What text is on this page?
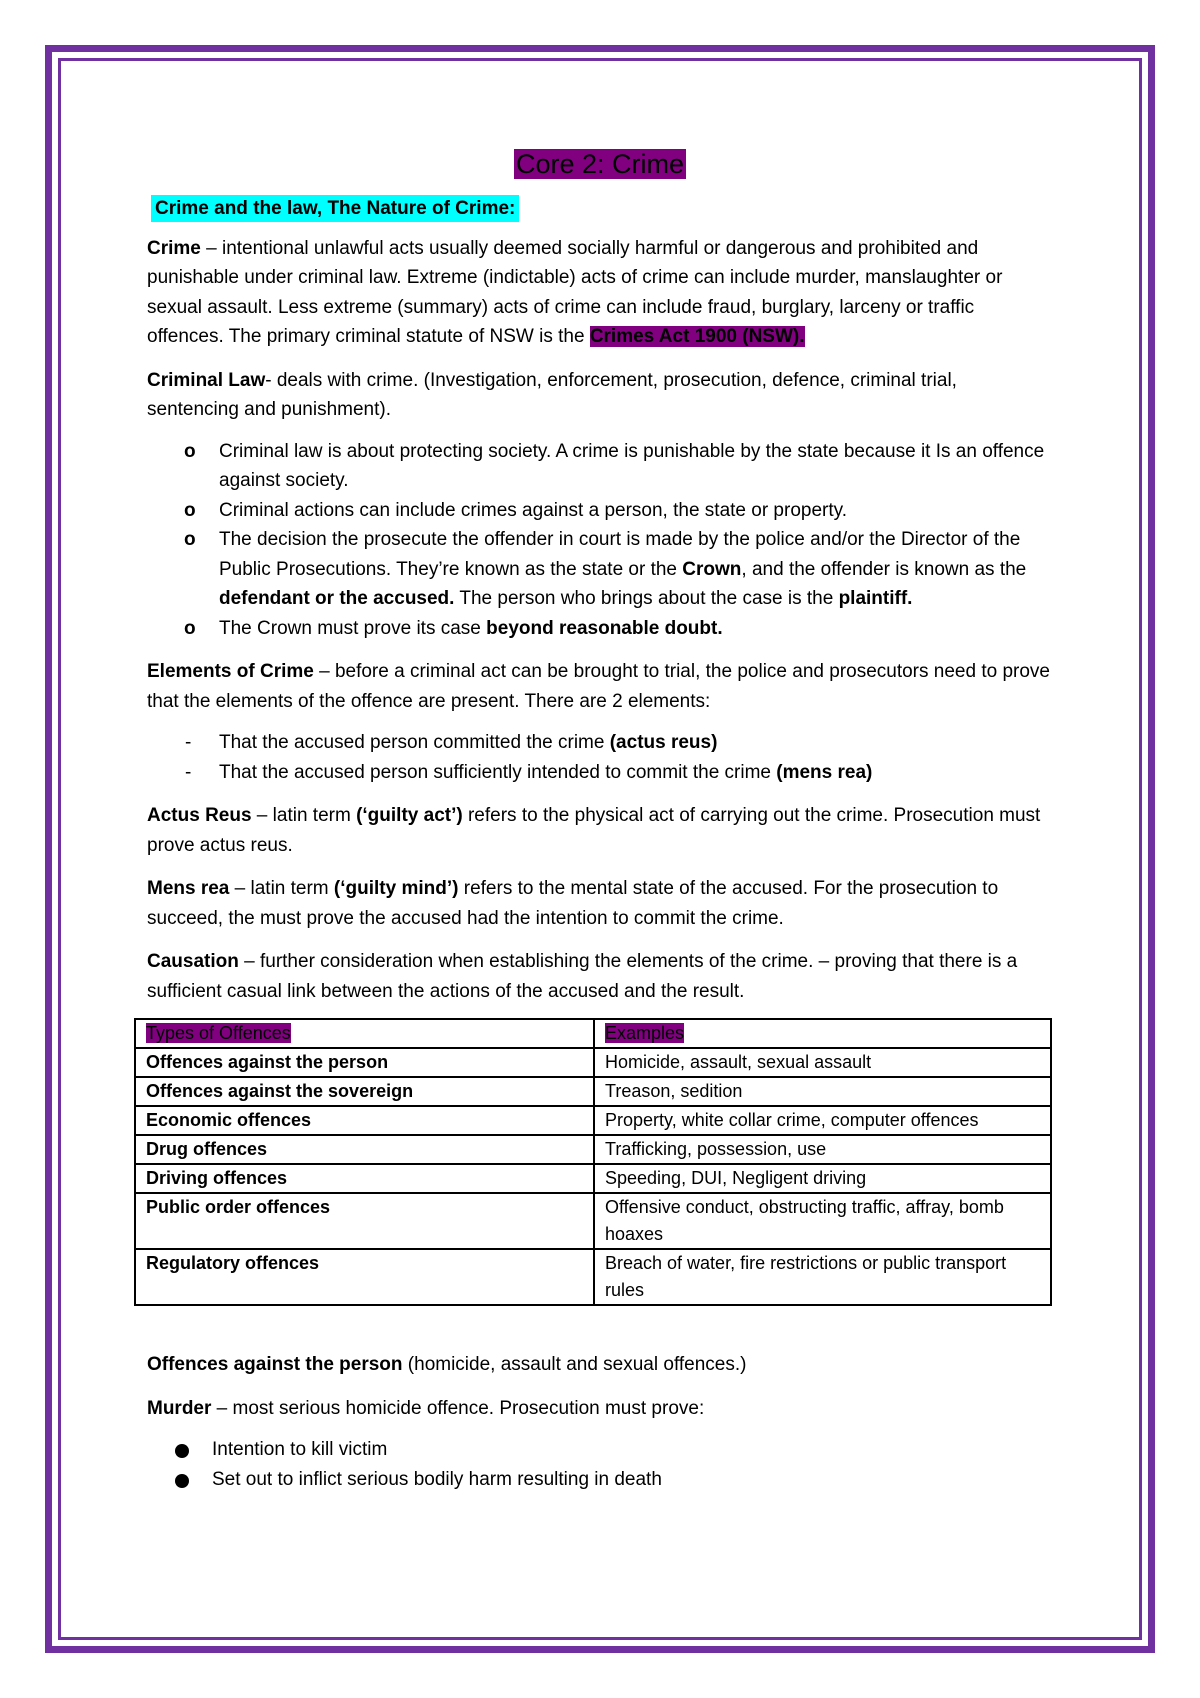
Core 2: Crime
Crime and the law, The Nature of Crime:

Crime – intentional unlawful acts usually deemed socially harmful or dangerous and prohibited and punishable under criminal law. Extreme (indictable) acts of crime can include murder, manslaughter or sexual assault. Less extreme (summary) acts of crime can include fraud, burglary, larceny or traffic offences. The primary criminal statute of NSW is the Crimes Act 1900 (NSW).

Criminal Law- deals with crime. (Investigation, enforcement, prosecution, defence, criminal trial, sentencing and punishment).

o Criminal law is about protecting society. A crime is punishable by the state because it Is an offence against society.
o Criminal actions can include crimes against a person, the state or property.
o The decision the prosecute the offender in court is made by the police and/or the Director of the Public Prosecutions. They’re known as the state or the Crown, and the offender is known as the defendant or the accused. The person who brings about the case is the plaintiff.
o The Crown must prove its case beyond reasonable doubt.

Elements of Crime – before a criminal act can be brought to trial, the police and prosecutors need to prove that the elements of the offence are present. There are 2 elements:

- That the accused person committed the crime (actus reus)
- That the accused person sufficiently intended to commit the crime (mens rea)

Actus Reus – latin term (‘guilty act’) refers to the physical act of carrying out the crime. Prosecution must prove actus reus.

Mens rea – latin term (‘guilty mind’) refers to the mental state of the accused. For the prosecution to succeed, the must prove the accused had the intention to commit the crime.

Causation – further consideration when establishing the elements of the crime. – proving that there is a sufficient casual link between the actions of the accused and the result.

Types of Offences	Examples
Offences against the person	Homicide, assault, sexual assault
Offences against the sovereign	Treason, sedition
Economic offences	Property, white collar crime, computer offences
Drug offences	Trafficking, possession, use
Driving offences	Speeding, DUI, Negligent driving
Public order offences	Offensive conduct, obstructing traffic, affray, bomb hoaxes
Regulatory offences	Breach of water, fire restrictions or public transport rules

Offences against the person (homicide, assault and sexual offences.)

Murder – most serious homicide offence. Prosecution must prove:

Intention to kill victim
Set out to inflict serious bodily harm resulting in death
